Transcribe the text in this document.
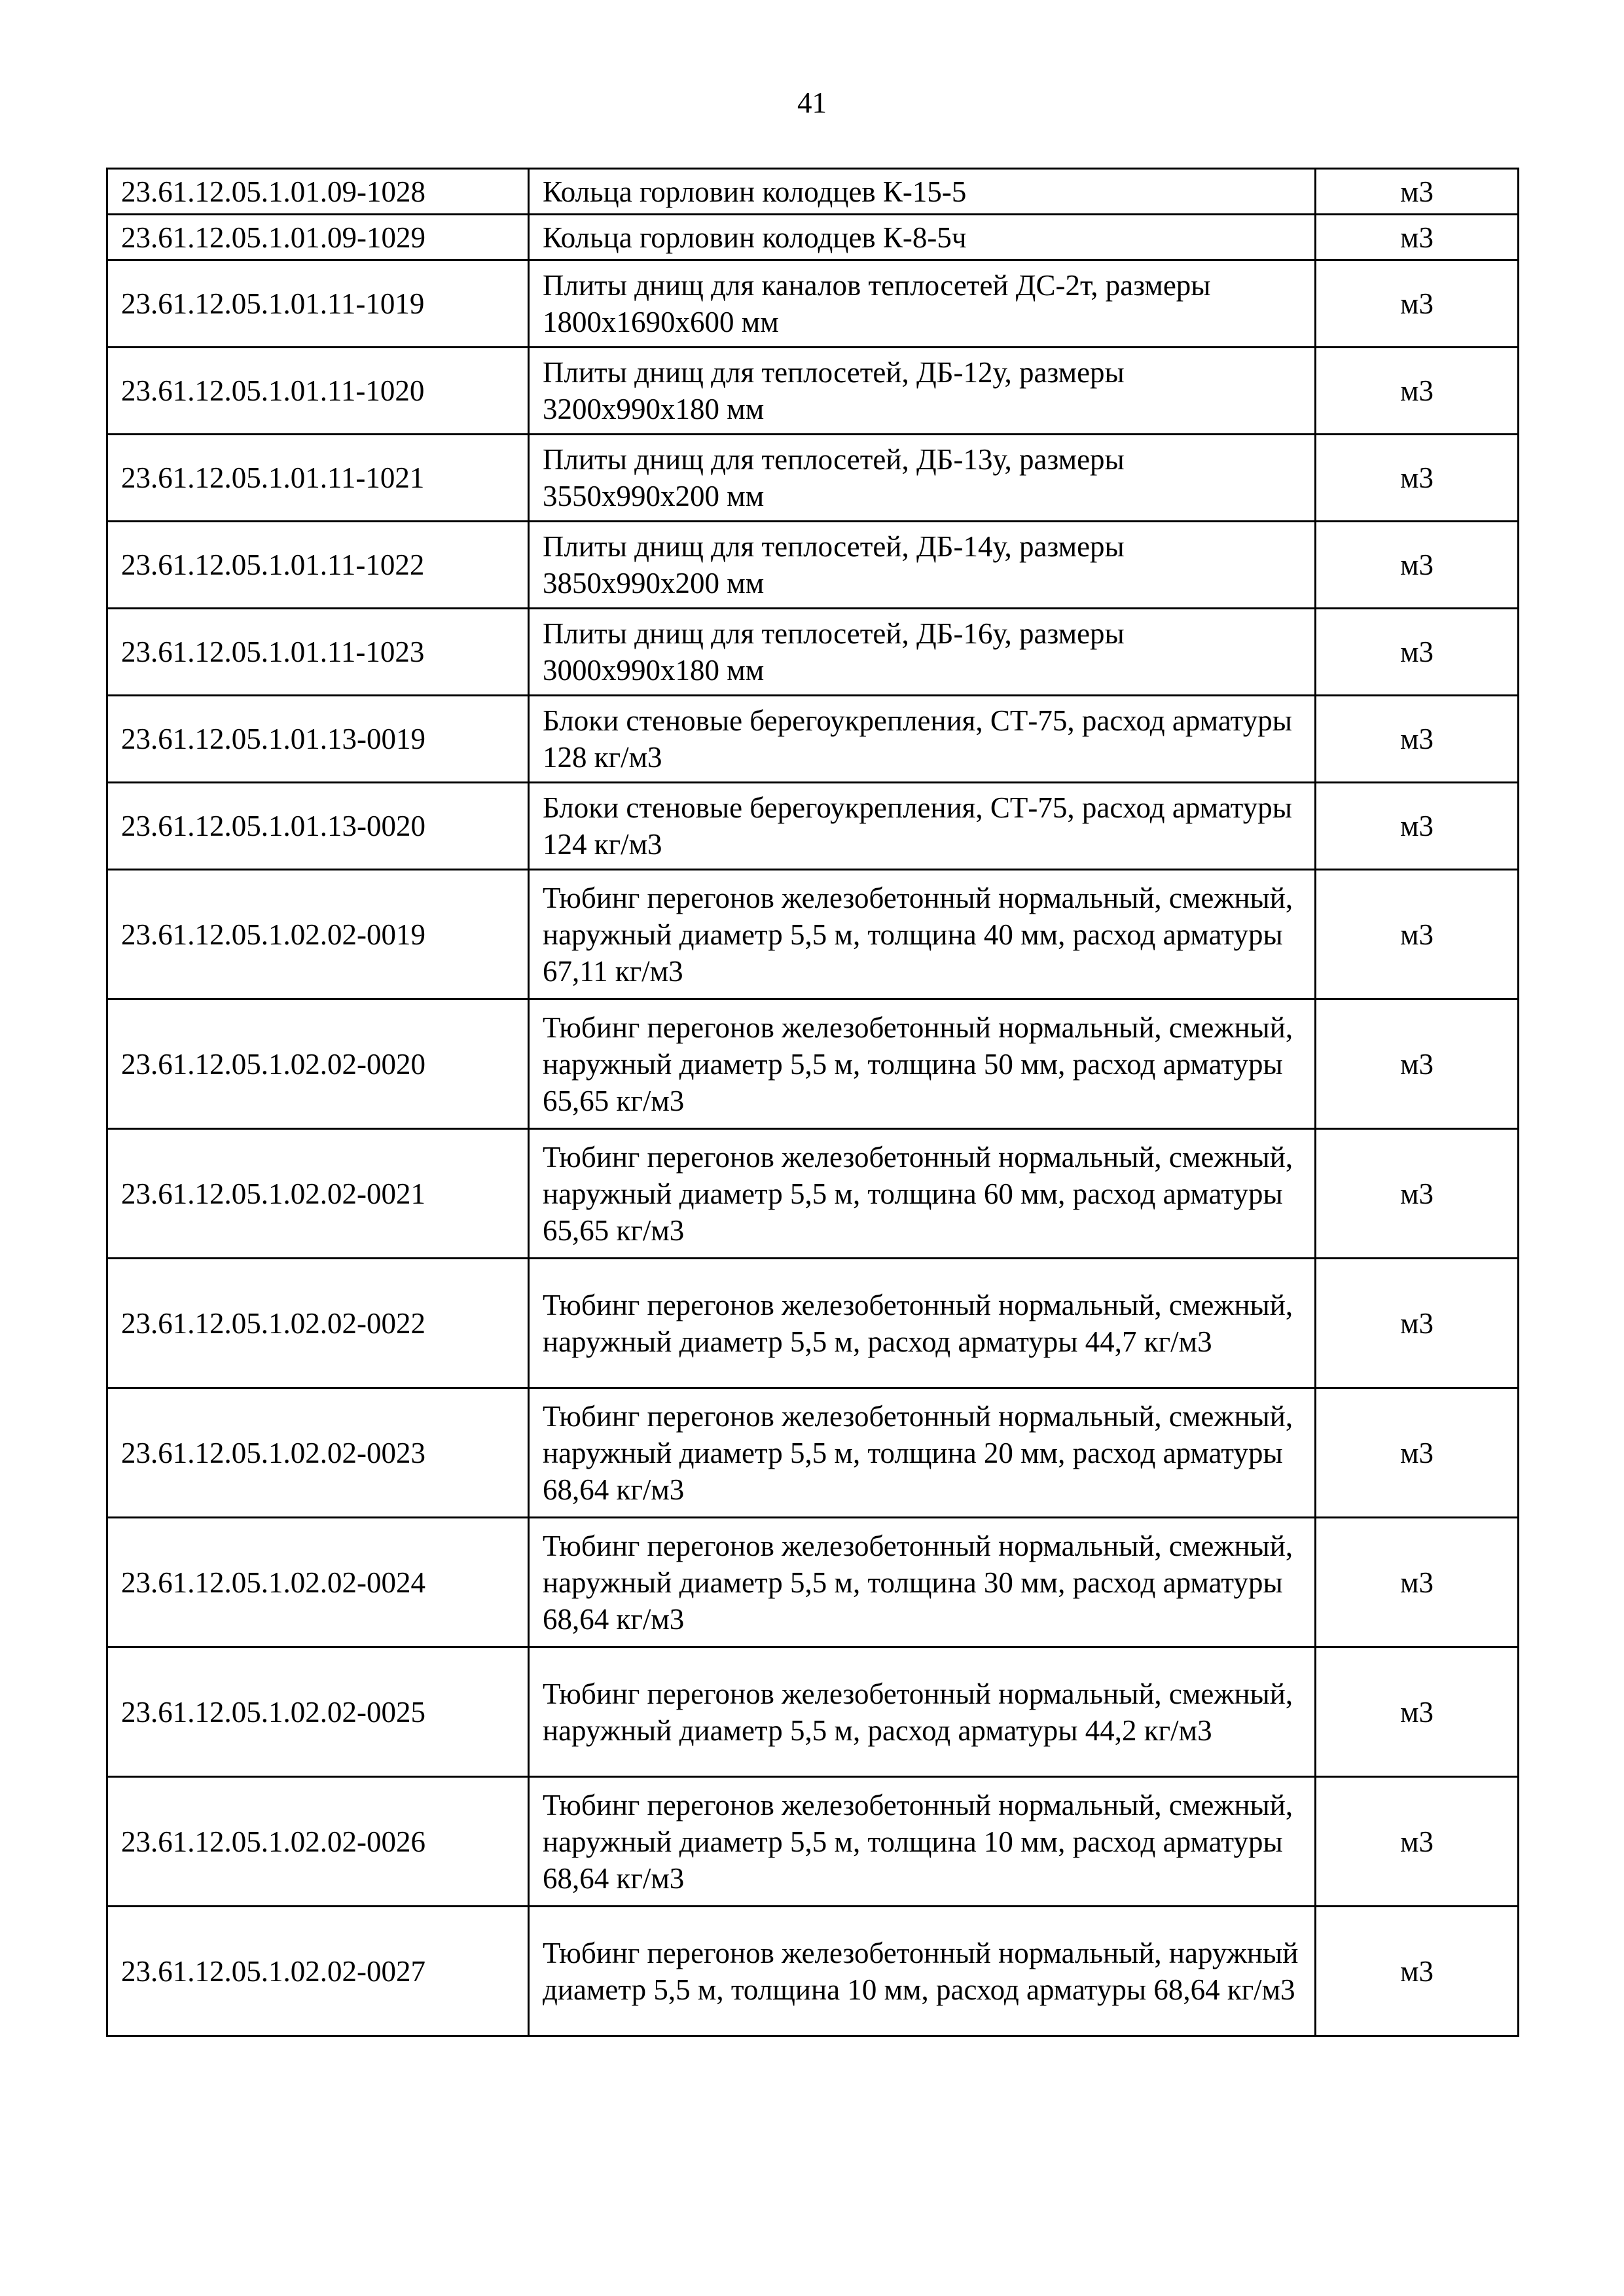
41
23.61.12.05.1.01.09-1028	Кольца горловин колодцев К-15-5	м3
23.61.12.05.1.01.09-1029	Кольца горловин колодцев К-8-5ч	м3
23.61.12.05.1.01.11-1019	Плиты днищ для каналов теплосетей ДС-2т, размеры 1800х1690х600 мм	м3
23.61.12.05.1.01.11-1020	Плиты днищ для теплосетей, ДБ-12у, размеры 3200х990х180 мм	м3
23.61.12.05.1.01.11-1021	Плиты днищ для теплосетей, ДБ-13у, размеры 3550х990х200 мм	м3
23.61.12.05.1.01.11-1022	Плиты днищ для теплосетей, ДБ-14у, размеры 3850х990х200 мм	м3
23.61.12.05.1.01.11-1023	Плиты днищ для теплосетей, ДБ-16у, размеры 3000х990х180 мм	м3
23.61.12.05.1.01.13-0019	Блоки стеновые берегоукрепления, СТ-75, расход арматуры 128 кг/м3	м3
23.61.12.05.1.01.13-0020	Блоки стеновые берегоукрепления, СТ-75, расход арматуры 124 кг/м3	м3
23.61.12.05.1.02.02-0019	Тюбинг перегонов железобетонный нормальный, смежный, наружный диаметр 5,5 м, толщина 40 мм, расход арматуры 67,11 кг/м3	м3
23.61.12.05.1.02.02-0020	Тюбинг перегонов железобетонный нормальный, смежный, наружный диаметр 5,5 м, толщина 50 мм, расход арматуры 65,65 кг/м3	м3
23.61.12.05.1.02.02-0021	Тюбинг перегонов железобетонный нормальный, смежный, наружный диаметр 5,5 м, толщина 60 мм, расход арматуры 65,65 кг/м3	м3
23.61.12.05.1.02.02-0022	Тюбинг перегонов железобетонный нормальный, смежный, наружный диаметр 5,5 м, расход арматуры 44,7 кг/м3	м3
23.61.12.05.1.02.02-0023	Тюбинг перегонов железобетонный нормальный, смежный, наружный диаметр 5,5 м, толщина 20 мм, расход арматуры 68,64 кг/м3	м3
23.61.12.05.1.02.02-0024	Тюбинг перегонов железобетонный нормальный, смежный, наружный диаметр 5,5 м, толщина 30 мм, расход арматуры 68,64 кг/м3	м3
23.61.12.05.1.02.02-0025	Тюбинг перегонов железобетонный нормальный, смежный, наружный диаметр 5,5 м, расход арматуры 44,2 кг/м3	м3
23.61.12.05.1.02.02-0026	Тюбинг перегонов железобетонный нормальный, смежный, наружный диаметр 5,5 м, толщина 10 мм, расход арматуры 68,64 кг/м3	м3
23.61.12.05.1.02.02-0027	Тюбинг перегонов железобетонный нормальный, наружный диаметр 5,5 м, толщина 10 мм, расход арматуры 68,64 кг/м3	м3
